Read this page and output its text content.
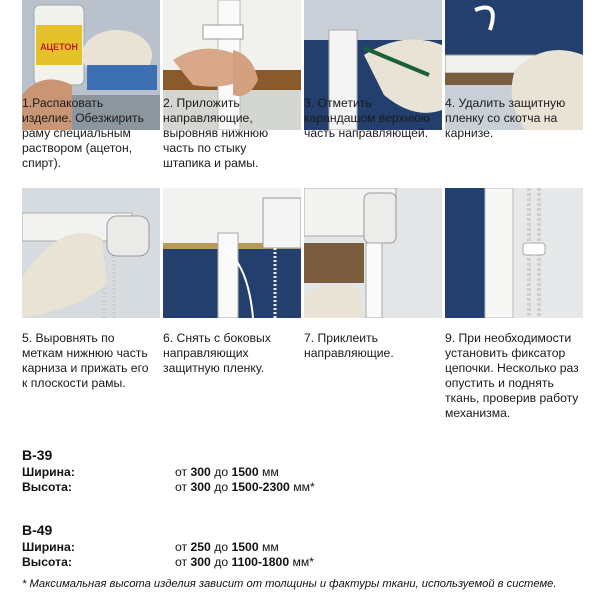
АЦЕТОН
1.Распаковать
изделие. Обезжирить
раму специальным
раствором (ацетон,
спирт).
2. Приложить
направляющие,
выровняв нижнюю
часть по стыку
штапика и рамы.
3. Отметить
карандашом верхнюю
часть направляющей.
4. Удалить защитную
пленку со скотча на
карнизе.
5. Выровнять по
меткам нижнюю часть
карниза и прижать его
к плоскости рамы.
6. Снять с боковых
направляющих
защитную пленку.
7. Приклеить
направляющие.
9. При необходимости
установить фиксатор
цепочки. Несколько раз
опустить и поднять
ткань, проверив работу
механизма.
B-39
Ширина:	от 300 до 1500 мм
Высота:	от 300 до 1500-2300 мм*
B-49
Ширина:	от 250 до 1500 мм
Высота:	от 300 до 1100-1800 мм*
* Максимальная высота изделия зависит от толщины и фактуры ткани, используемой в системе.
